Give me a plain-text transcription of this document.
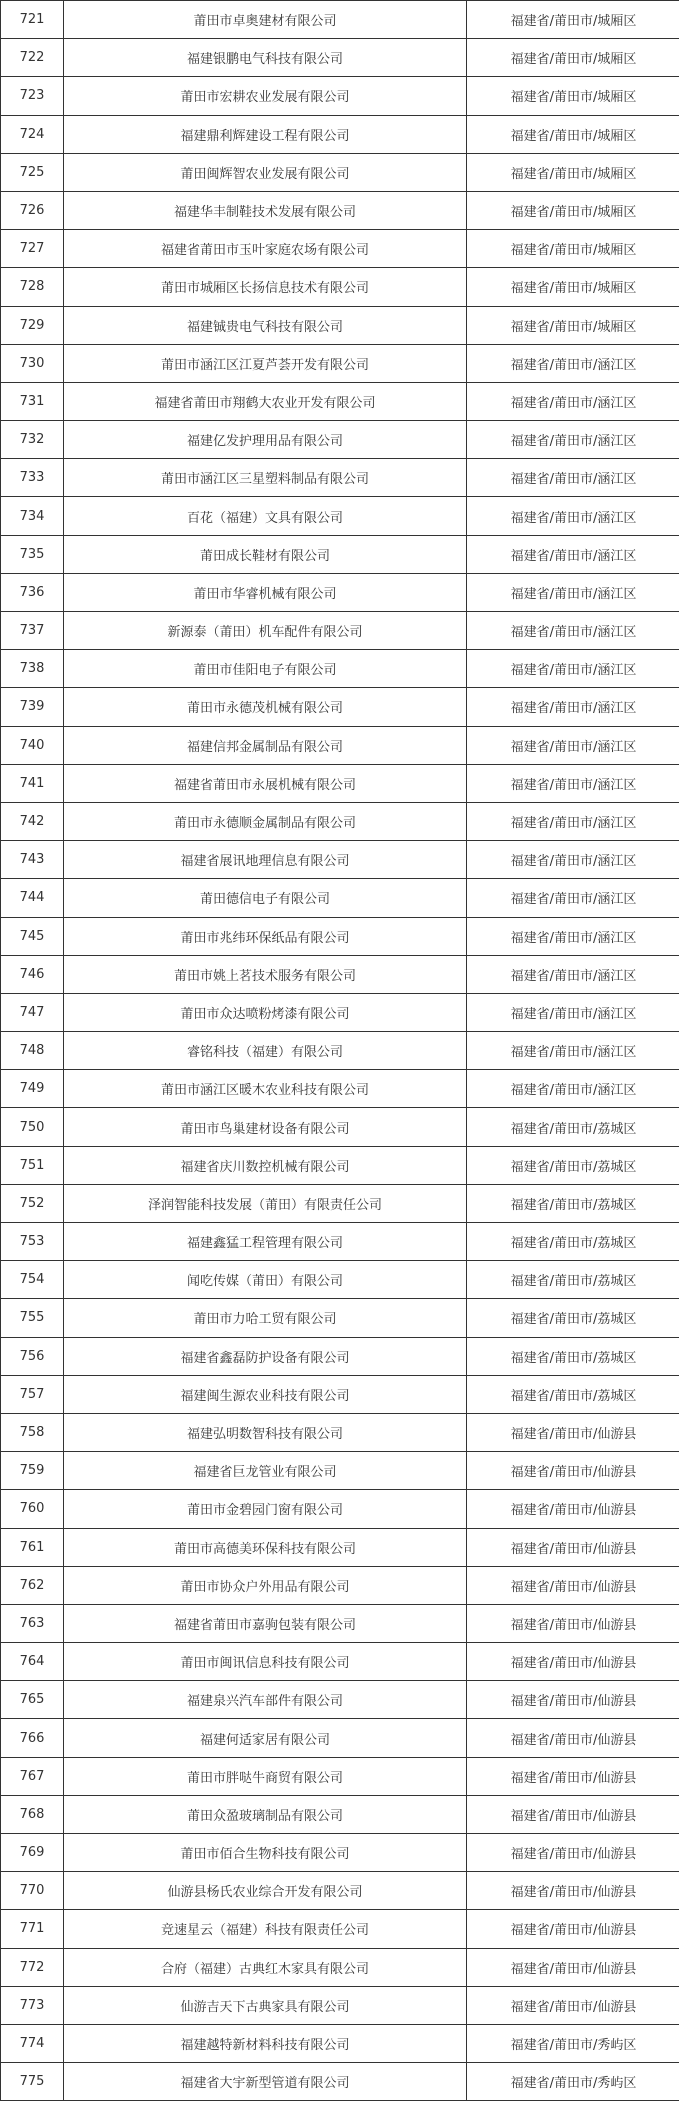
721	莆田市卓奥建材有限公司	福建省/莆田市/城厢区
722	福建银鹏电气科技有限公司	福建省/莆田市/城厢区
723	莆田市宏耕农业发展有限公司	福建省/莆田市/城厢区
724	福建鼎利辉建设工程有限公司	福建省/莆田市/城厢区
725	莆田闽辉智农业发展有限公司	福建省/莆田市/城厢区
726	福建华丰制鞋技术发展有限公司	福建省/莆田市/城厢区
727	福建省莆田市玉叶家庭农场有限公司	福建省/莆田市/城厢区
728	莆田市城厢区长扬信息技术有限公司	福建省/莆田市/城厢区
729	福建铖贵电气科技有限公司	福建省/莆田市/城厢区
730	莆田市涵江区江夏芦荟开发有限公司	福建省/莆田市/涵江区
731	福建省莆田市翔鹤大农业开发有限公司	福建省/莆田市/涵江区
732	福建亿发护理用品有限公司	福建省/莆田市/涵江区
733	莆田市涵江区三星塑料制品有限公司	福建省/莆田市/涵江区
734	百花（福建）文具有限公司	福建省/莆田市/涵江区
735	莆田成长鞋材有限公司	福建省/莆田市/涵江区
736	莆田市华睿机械有限公司	福建省/莆田市/涵江区
737	新源泰（莆田）机车配件有限公司	福建省/莆田市/涵江区
738	莆田市佳阳电子有限公司	福建省/莆田市/涵江区
739	莆田市永德茂机械有限公司	福建省/莆田市/涵江区
740	福建信邦金属制品有限公司	福建省/莆田市/涵江区
741	福建省莆田市永展机械有限公司	福建省/莆田市/涵江区
742	莆田市永德顺金属制品有限公司	福建省/莆田市/涵江区
743	福建省展讯地理信息有限公司	福建省/莆田市/涵江区
744	莆田德信电子有限公司	福建省/莆田市/涵江区
745	莆田市兆纬环保纸品有限公司	福建省/莆田市/涵江区
746	莆田市姚上茗技术服务有限公司	福建省/莆田市/涵江区
747	莆田市众达喷粉烤漆有限公司	福建省/莆田市/涵江区
748	睿铭科技（福建）有限公司	福建省/莆田市/涵江区
749	莆田市涵江区暖木农业科技有限公司	福建省/莆田市/涵江区
750	莆田市鸟巢建材设备有限公司	福建省/莆田市/荔城区
751	福建省庆川数控机械有限公司	福建省/莆田市/荔城区
752	泽润智能科技发展（莆田）有限责任公司	福建省/莆田市/荔城区
753	福建鑫猛工程管理有限公司	福建省/莆田市/荔城区
754	闻吃传媒（莆田）有限公司	福建省/莆田市/荔城区
755	莆田市力哈工贸有限公司	福建省/莆田市/荔城区
756	福建省鑫磊防护设备有限公司	福建省/莆田市/荔城区
757	福建闽生源农业科技有限公司	福建省/莆田市/荔城区
758	福建弘明数智科技有限公司	福建省/莆田市/仙游县
759	福建省巨龙管业有限公司	福建省/莆田市/仙游县
760	莆田市金碧园门窗有限公司	福建省/莆田市/仙游县
761	莆田市高德美环保科技有限公司	福建省/莆田市/仙游县
762	莆田市协众户外用品有限公司	福建省/莆田市/仙游县
763	福建省莆田市嘉驹包装有限公司	福建省/莆田市/仙游县
764	莆田市闽讯信息科技有限公司	福建省/莆田市/仙游县
765	福建泉兴汽车部件有限公司	福建省/莆田市/仙游县
766	福建何适家居有限公司	福建省/莆田市/仙游县
767	莆田市胖哒牛商贸有限公司	福建省/莆田市/仙游县
768	莆田众盈玻璃制品有限公司	福建省/莆田市/仙游县
769	莆田市佰合生物科技有限公司	福建省/莆田市/仙游县
770	仙游县杨氏农业综合开发有限公司	福建省/莆田市/仙游县
771	竞速星云（福建）科技有限责任公司	福建省/莆田市/仙游县
772	合府（福建）古典红木家具有限公司	福建省/莆田市/仙游县
773	仙游吉天下古典家具有限公司	福建省/莆田市/仙游县
774	福建越特新材料科技有限公司	福建省/莆田市/秀屿区
775	福建省大宇新型管道有限公司	福建省/莆田市/秀屿区
